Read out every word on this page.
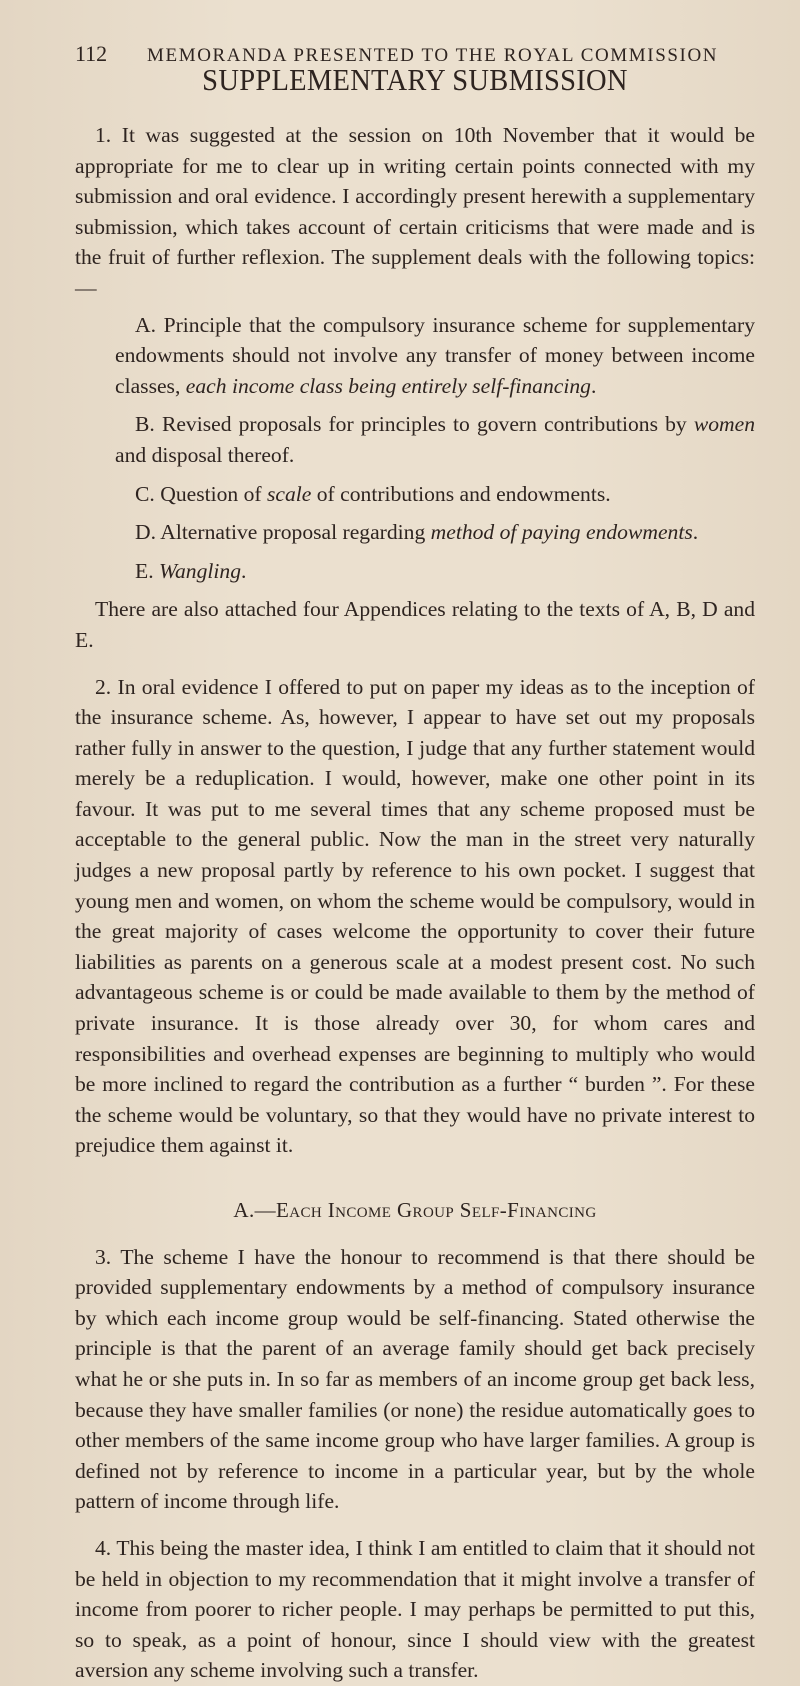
112 MEMORANDA PRESENTED TO THE ROYAL COMMISSION
SUPPLEMENTARY SUBMISSION

1. It was suggested at the session on 10th November that it would be appropriate for me to clear up in writing certain points connected with my submission and oral evidence. I accordingly present herewith a supplementary submission, which takes account of certain criticisms that were made and is the fruit of further reflexion. The supplement deals with the following topics:—

A. Principle that the compulsory insurance scheme for supplementary endowments should not involve any transfer of money between income classes, each income class being entirely self-financing.
B. Revised proposals for principles to govern contributions by women and disposal thereof.
C. Question of scale of contributions and endowments.
D. Alternative proposal regarding method of paying endowments.
E. Wangling.

There are also attached four Appendices relating to the texts of A, B, D and E.

2. In oral evidence I offered to put on paper my ideas as to the inception of the insurance scheme. As, however, I appear to have set out my proposals rather fully in answer to the question, I judge that any further statement would merely be a reduplication. I would, however, make one other point in its favour. It was put to me several times that any scheme proposed must be acceptable to the general public. Now the man in the street very naturally judges a new proposal partly by reference to his own pocket. I suggest that young men and women, on whom the scheme would be compulsory, would in the great majority of cases welcome the opportunity to cover their future liabilities as parents on a generous scale at a modest present cost. No such advantageous scheme is or could be made available to them by the method of private insurance. It is those already over 30, for whom cares and responsibilities and overhead expenses are beginning to multiply who would be more inclined to regard the contribution as a further “ burden ”. For these the scheme would be voluntary, so that they would have no private interest to prejudice them against it.

A.—Each Income Group Self-Financing

3. The scheme I have the honour to recommend is that there should be provided supplementary endowments by a method of compulsory insurance by which each income group would be self-financing. Stated otherwise the principle is that the parent of an average family should get back precisely what he or she puts in. In so far as members of an income group get back less, because they have smaller families (or none) the residue automatically goes to other members of the same income group who have larger families. A group is defined not by reference to income in a particular year, but by the whole pattern of income through life.

4. This being the master idea, I think I am entitled to claim that it should not be held in objection to my recommendation that it might involve a transfer of income from poorer to richer people. I may perhaps be permitted to put this, so to speak, as a point of honour, since I should view with the greatest aversion any scheme involving such a transfer.
